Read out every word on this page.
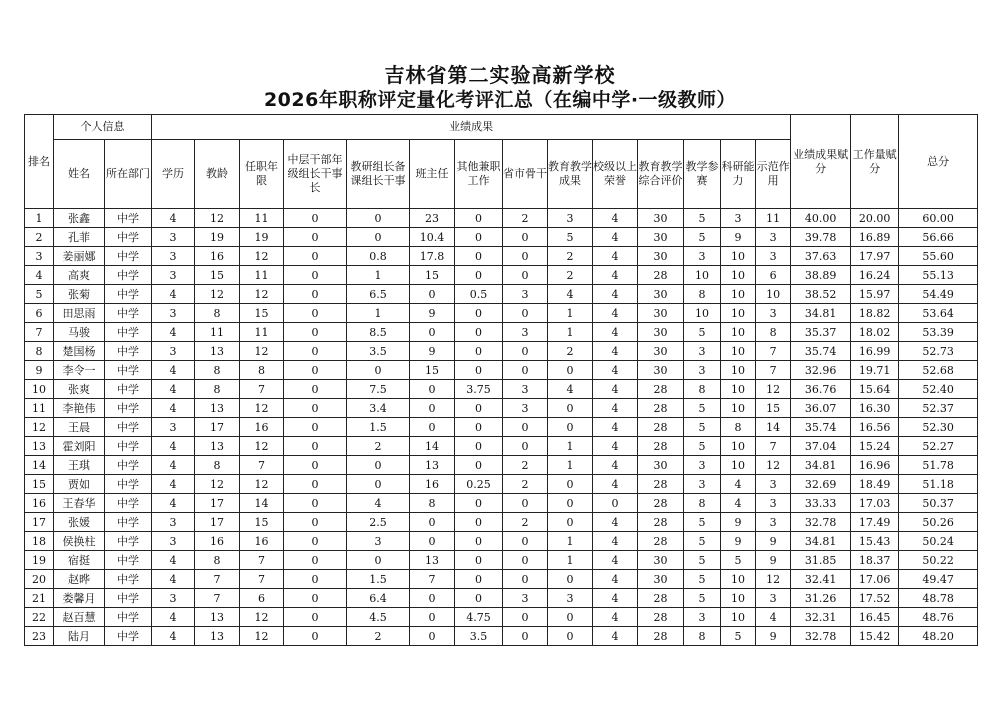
吉林省第二实验高新学校
2026年职称评定量化考评汇总（在编中学·一级教师）
排名	个人信息		业绩成果														业绩成果赋分	工作量赋分	总分
	姓名	所在部门	学历	教龄	任职年限	中层干部年级组长干事长	教研组长备课组长干事	班主任	其他兼职工作	省市骨干	教育教学成果	校级以上荣誉	教育教学综合评价	教学参赛	科研能力	示范作用			
1	张鑫	中学	4	12	11	0	0	23	0	2	3	4	30	5	3	11	40.00	20.00	60.00
2	孔菲	中学	3	19	19	0	0	10.4	0	0	5	4	30	5	9	3	39.78	16.89	56.66
3	姜丽娜	中学	3	16	12	0	0.8	17.8	0	0	2	4	30	3	10	3	37.63	17.97	55.60
4	高爽	中学	3	15	11	0	1	15	0	0	2	4	28	10	10	6	38.89	16.24	55.13
5	张菊	中学	4	12	12	0	6.5	0	0.5	3	4	4	30	8	10	10	38.52	15.97	54.49
6	田思雨	中学	3	8	15	0	1	9	0	0	1	4	30	10	10	3	34.81	18.82	53.64
7	马骏	中学	4	11	11	0	8.5	0	0	3	1	4	30	5	10	8	35.37	18.02	53.39
8	楚国杨	中学	3	13	12	0	3.5	9	0	0	2	4	30	3	10	7	35.74	16.99	52.73
9	李令一	中学	4	8	8	0	0	15	0	0	0	4	30	3	10	7	32.96	19.71	52.68
10	张爽	中学	4	8	7	0	7.5	0	3.75	3	4	4	28	8	10	12	36.76	15.64	52.40
11	李艳伟	中学	4	13	12	0	3.4	0	0	3	0	4	28	5	10	15	36.07	16.30	52.37
12	王晨	中学	3	17	16	0	1.5	0	0	0	0	4	28	5	8	14	35.74	16.56	52.30
13	霍刘阳	中学	4	13	12	0	2	14	0	0	1	4	28	5	10	7	37.04	15.24	52.27
14	王琪	中学	4	8	7	0	0	13	0	2	1	4	30	3	10	12	34.81	16.96	51.78
15	贾如	中学	4	12	12	0	0	16	0.25	2	0	4	28	3	4	3	32.69	18.49	51.18
16	王春华	中学	4	17	14	0	4	8	0	0	0	0	28	8	4	3	33.33	17.03	50.37
17	张媛	中学	3	17	15	0	2.5	0	0	2	0	4	28	5	9	3	32.78	17.49	50.26
18	侯换柱	中学	3	16	16	0	3	0	0	0	1	4	28	5	9	9	34.81	15.43	50.24
19	宿挺	中学	4	8	7	0	0	13	0	0	1	4	30	5	5	9	31.85	18.37	50.22
20	赵晔	中学	4	7	7	0	1.5	7	0	0	0	4	30	5	10	12	32.41	17.06	49.47
21	娄馨月	中学	3	7	6	0	6.4	0	0	3	3	4	28	5	10	3	31.26	17.52	48.78
22	赵百慧	中学	4	13	12	0	4.5	0	4.75	0	0	4	28	3	10	4	32.31	16.45	48.76
23	陆月	中学	4	13	12	0	2	0	3.5	0	0	4	28	8	5	9	32.78	15.42	48.20
